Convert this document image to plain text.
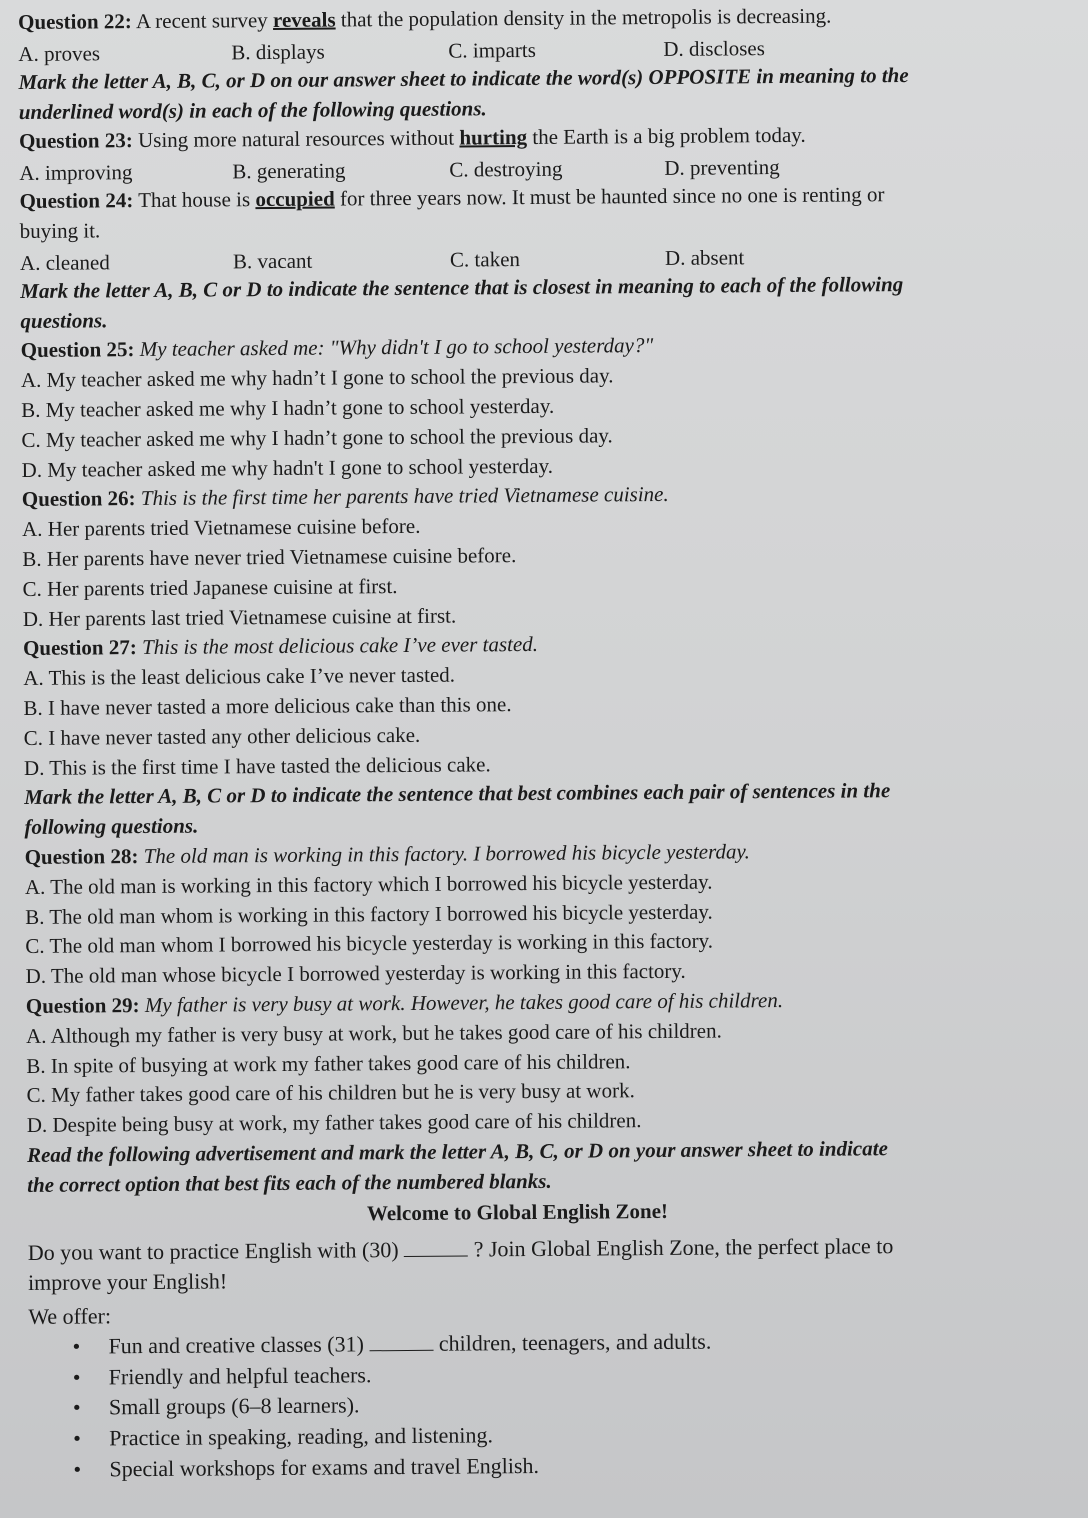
Question 22: A recent survey reveals that the population density in the metropolis is decreasing.
A. proves	B. displays	C. imparts	D. discloses
Mark the letter A, B, C, or D on our answer sheet to indicate the word(s) OPPOSITE in meaning to the
underlined word(s) in each of the following questions.
Question 23: Using more natural resources without hurting the Earth is a big problem today.
A. improving	B. generating	C. destroying	D. preventing
Question 24: That house is occupied for three years now. It must be haunted since no one is renting or
buying it.
A. cleaned	B. vacant	C. taken	D. absent
Mark the letter A, B, C or D to indicate the sentence that is closest in meaning to each of the following
questions.
Question 25: My teacher asked me: "Why didn't I go to school yesterday?"
A. My teacher asked me why hadn’t I gone to school the previous day.
B. My teacher asked me why I hadn’t gone to school yesterday.
C. My teacher asked me why I hadn’t gone to school the previous day.
D. My teacher asked me why hadn't I gone to school yesterday.
Question 26: This is the first time her parents have tried Vietnamese cuisine.
A. Her parents tried Vietnamese cuisine before.
B. Her parents have never tried Vietnamese cuisine before.
C. Her parents tried Japanese cuisine at first.
D. Her parents last tried Vietnamese cuisine at first.
Question 27: This is the most delicious cake I’ve ever tasted.
A. This is the least delicious cake I’ve never tasted.
B. I have never tasted a more delicious cake than this one.
C. I have never tasted any other delicious cake.
D. This is the first time I have tasted the delicious cake.
Mark the letter A, B, C or D to indicate the sentence that best combines each pair of sentences in the
following questions.
Question 28: The old man is working in this factory. I borrowed his bicycle yesterday.
A. The old man is working in this factory which I borrowed his bicycle yesterday.
B. The old man whom is working in this factory I borrowed his bicycle yesterday.
C. The old man whom I borrowed his bicycle yesterday is working in this factory.
D. The old man whose bicycle I borrowed yesterday is working in this factory.
Question 29: My father is very busy at work. However, he takes good care of his children.
A. Although my father is very busy at work, but he takes good care of his children.
B. In spite of busying at work my father takes good care of his children.
C. My father takes good care of his children but he is very busy at work.
D. Despite being busy at work, my father takes good care of his children.
Read the following advertisement and mark the letter A, B, C, or D on your answer sheet to indicate
the correct option that best fits each of the numbered blanks.
Welcome to Global English Zone!
Do you want to practice English with (30)	? Join Global English Zone, the perfect place to
improve your English!
We offer:
• Fun and creative classes (31)	children, teenagers, and adults.
• Friendly and helpful teachers.
• Small groups (6–8 learners).
• Practice in speaking, reading, and listening.
• Special workshops for exams and travel English.
